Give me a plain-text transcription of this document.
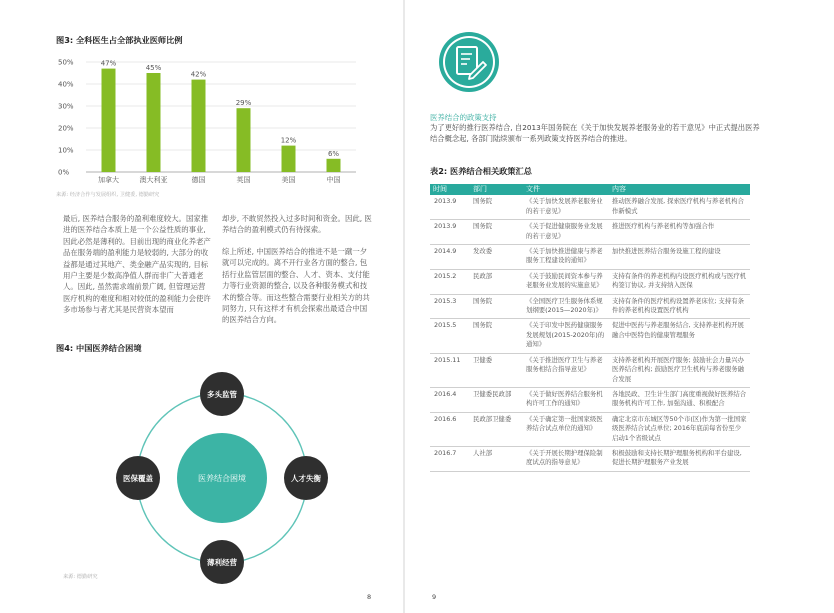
图3: 全科医生占全部执业医师比例
0%
10%
20%
30%
40%
50%	47%
加拿大
45%
澳大利亚
42%
德国
29%
英国
12%
美国
6%
中国
来源: 经济合作与发展组织, 卫健委, 德勤研究
最后, 医养结合服务的盈利难度较大。国家推进的医养结合本质上是一个公益性质的事业, 因此必然是薄利的。目前出现的商业化养老产品在服务端的盈利能力是较弱的, 大部分的收益都是通过其地产、类金融产品实现的, 目标用户主要是少数高净值人群而非广大普通老人。因此, 虽然需求端前景广阔, 但管理运营医疗机构的难度和相对较低的盈利能力会使许多市场参与者尤其是民营资本望而
却步, 不敢贸然投入过多时间和资金。因此, 医养结合的盈利模式仍有待探索。
综上所述, 中国医养结合的推进不是一蹴一夕就可以完成的。离不开行业各方面的整合, 包括行业监管层面的整合、人才、资本、支付能力等行业资源的整合, 以及各种服务模式和技术的整合等。而这些整合需要行业相关方的共同努力, 只有这样才有机会探索出最适合中国的医养结合方向。
图4: 中国医养结合困境
医养结合困境
多头监管
人才失衡
薄利经营
医保覆盖
来源: 德勤研究
8
医养结合的政策支持
为了更好的推行医养结合, 自2013年国务院在《关于加快发展养老服务业的若干意见》中正式提出医养结合概念起, 各部门陆续颁布一系列政策支持医养结合的推进。
表2: 医养结合相关政策汇总
时间	部门	文件	内容
2013.9	国务院	《关于加快发展养老服务业的若干意见》	推动医养融合发展, 探索医疗机构与养老机构合作新模式
2013.9	国务院	《关于促进健康服务业发展的若干意见》	推进医疗机构与养老机构等加强合作
2014.9	发改委	《关于加快推进健康与养老服务工程建设的通知》	加快推进医养结合服务设施工程的建设
2015.2	民政部	《关于鼓励民间资本参与养老服务业发展的实施意见》	支持有条件的养老机构内设医疗机构或与医疗机构签订协议, 并支持纳入医保
2015.3	国务院	《全国医疗卫生服务体系规划纲要(2015—2020年)》	支持有条件的医疗机构设置养老床位; 支持有条件的养老机构设置医疗机构
2015.5	国务院	《关于印发中医药健康服务发展规划(2015-2020年)的通知》	促进中医药与养老服务结合, 支持养老机构开展融合中医特色的健康管理服务
2015.11	卫健委	《关于推进医疗卫生与养老服务相结合指导意见》	支持养老机构开展医疗服务; 鼓励社会力量兴办医养结合机构; 鼓励医疗卫生机构与养老服务融合发展
2016.4	卫健委民政部	《关于做好医养结合服务机构许可工作的通知》	各地民政、卫生计生部门高度重视做好医养结合服务机构许可工作, 加强沟通、积极配合
2016.6	民政部卫健委	《关于确定第一批国家级医养结合试点单位的通知》	确定北京市东城区等50个市(区)作为第一批国家级医养结合试点单位; 2016年底前每省份至少启动1个省级试点
2016.7	人社部	《关于开展长期护理保险制度试点的指导意见》	积极鼓励和支持长期护理服务机构和平台建设, 促进长期护理服务产业发展
9
